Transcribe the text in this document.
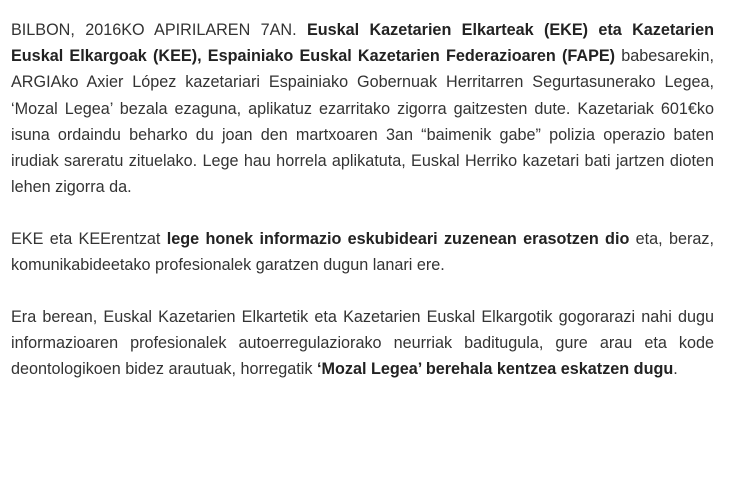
BILBON, 2016KO APIRILAREN 7AN. Euskal Kazetarien Elkarteak (EKE) eta Kazetarien Euskal Elkargoak (KEE), Espainiako Euskal Kazetarien Federazioaren (FAPE) babesarekin, ARGIAko Axier López kazetariari Espainiako Gobernuak Herritarren Segurtasunerako Legea, ‘Mozal Legea’ bezala ezaguna, aplikatuz ezarritako zigorra gaitzesten dute. Kazetariak 601€ko isuna ordaindu beharko du joan den martxoaren 3an “baimenik gabe” polizia operazio baten irudiak sareratu zituelako. Lege hau horrela aplikatuta, Euskal Herriko kazetari bati jartzen dioten lehen zigorra da.

EKE eta KEErentzat lege honek informazio eskubideari zuzenean erasotzen dio eta, beraz, komunikabideetako profesionalek garatzen dugun lanari ere.

Era berean, Euskal Kazetarien Elkartetik eta Kazetarien Euskal Elkargotik gogorarazi nahi dugu informazioaren profesionalek autoerregulaziorako neurriak baditugula, gure arau eta kode deontologikoen bidez arautuak, horregatik ‘Mozal Legea’ berehala kentzea eskatzen dugu.
